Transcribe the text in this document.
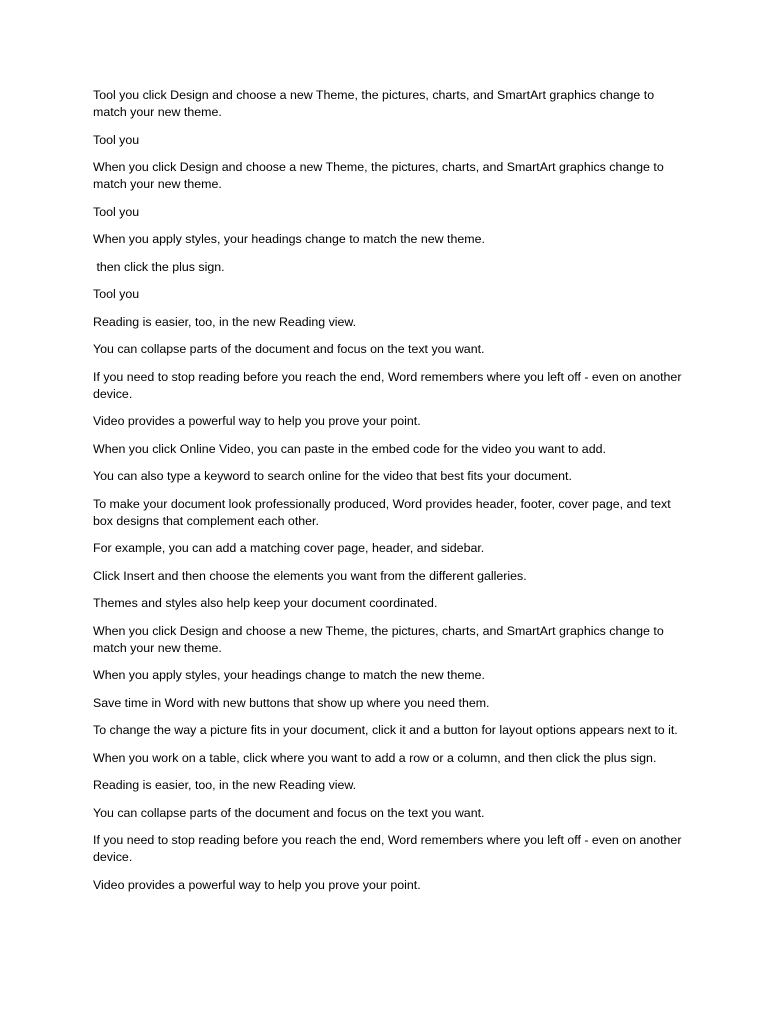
Tool you click Design and choose a new Theme, the pictures, charts, and SmartArt graphics change to match your new theme.

Tool you

When you click Design and choose a new Theme, the pictures, charts, and SmartArt graphics change to match your new theme.

Tool you

When you apply styles, your headings change to match the new theme.

then click the plus sign.

Tool you

Reading is easier, too, in the new Reading view.

You can collapse parts of the document and focus on the text you want.

If you need to stop reading before you reach the end, Word remembers where you left off - even on another device.

Video provides a powerful way to help you prove your point.

When you click Online Video, you can paste in the embed code for the video you want to add.

You can also type a keyword to search online for the video that best fits your document.

To make your document look professionally produced, Word provides header, footer, cover page, and text box designs that complement each other.

For example, you can add a matching cover page, header, and sidebar.

Click Insert and then choose the elements you want from the different galleries.

Themes and styles also help keep your document coordinated.

When you click Design and choose a new Theme, the pictures, charts, and SmartArt graphics change to match your new theme.

When you apply styles, your headings change to match the new theme.

Save time in Word with new buttons that show up where you need them.

To change the way a picture fits in your document, click it and a button for layout options appears next to it.

When you work on a table, click where you want to add a row or a column, and then click the plus sign.

Reading is easier, too, in the new Reading view.

You can collapse parts of the document and focus on the text you want.

If you need to stop reading before you reach the end, Word remembers where you left off - even on another device.

Video provides a powerful way to help you prove your point.
